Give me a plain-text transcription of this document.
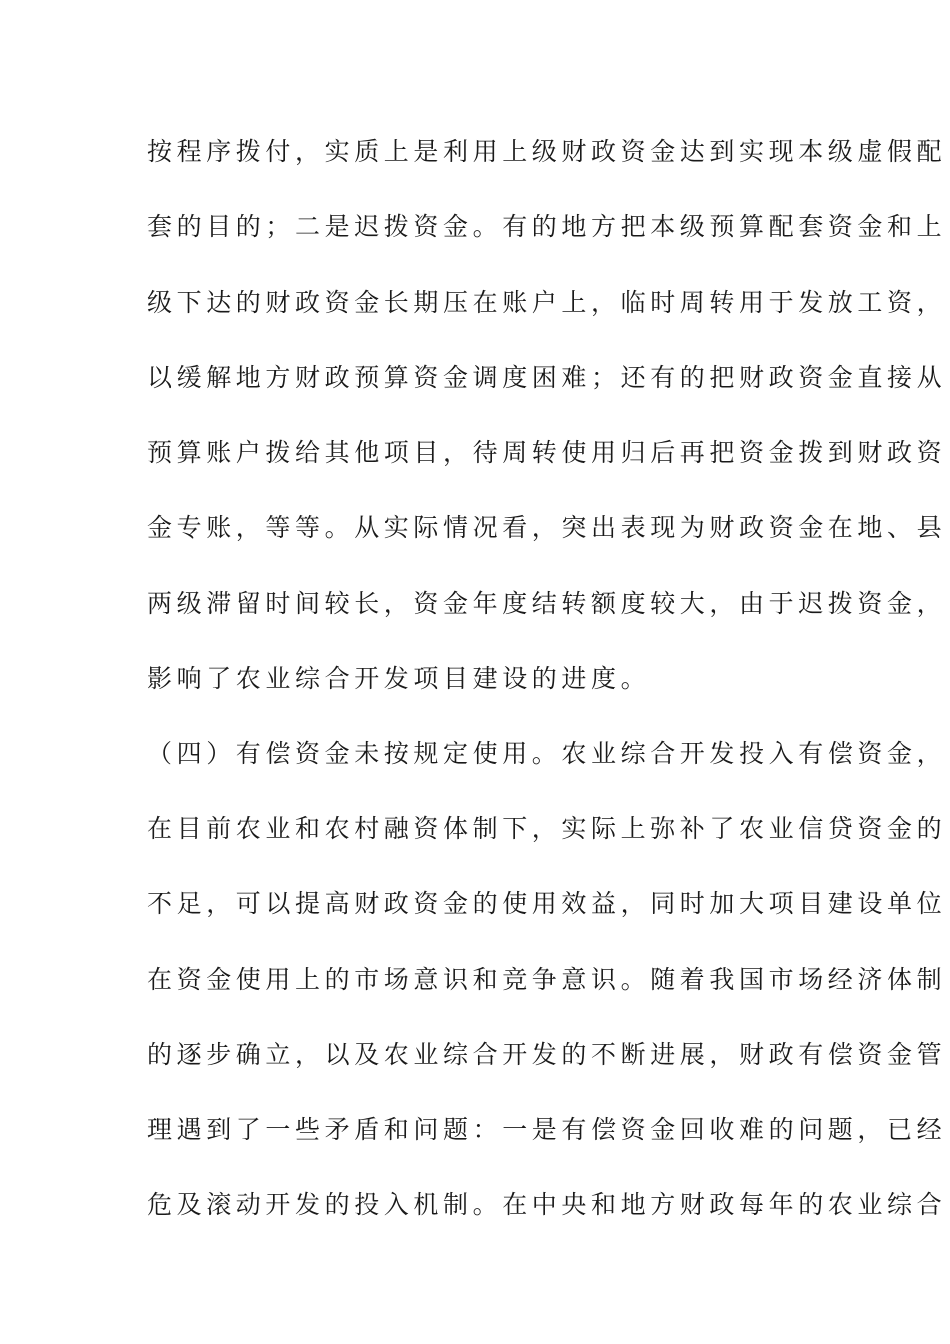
按程序拨付，实质上是利用上级财政资金达到实现本级虚假配
套的目的；二是迟拨资金。有的地方把本级预算配套资金和上
级下达的财政资金长期压在账户上，临时周转用于发放工资，
以缓解地方财政预算资金调度困难；还有的把财政资金直接从
预算账户拨给其他项目，待周转使用归后再把资金拨到财政资
金专账，等等。从实际情况看，突出表现为财政资金在地、县
两级滞留时间较长，资金年度结转额度较大，由于迟拨资金，
影响了农业综合开发项目建设的进度。
（四）有偿资金未按规定使用。农业综合开发投入有偿资金，
在目前农业和农村融资体制下，实际上弥补了农业信贷资金的
不足，可以提高财政资金的使用效益，同时加大项目建设单位
在资金使用上的市场意识和竞争意识。随着我国市场经济体制
的逐步确立，以及农业综合开发的不断进展，财政有偿资金管
理遇到了一些矛盾和问题：一是有偿资金回收难的问题，已经
危及滚动开发的投入机制。在中央和地方财政每年的农业综合
